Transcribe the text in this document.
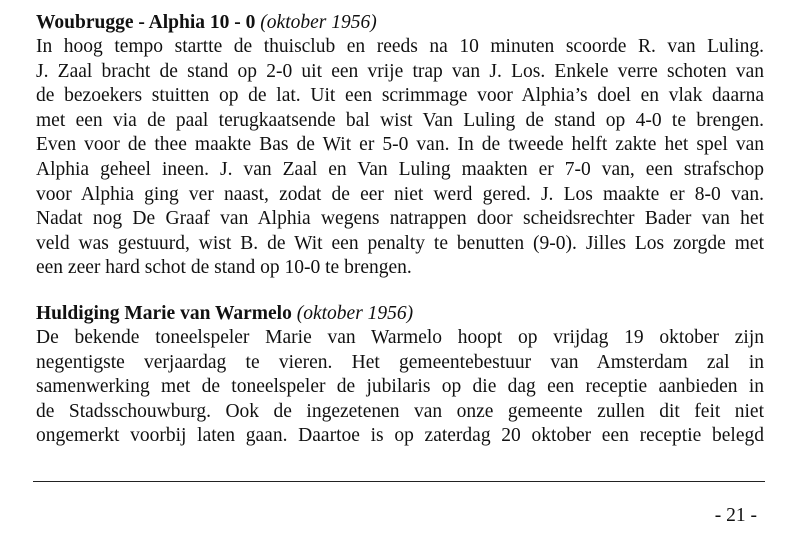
Woubrugge - Alphia 10 - 0 (oktober 1956)

In hoog tempo startte de thuisclub en reeds na 10 minuten scoorde R. van Luling.
J. Zaal bracht de stand op 2-0 uit een vrije trap van J. Los. Enkele verre schoten van
de bezoekers stuitten op de lat. Uit een scrimmage voor Alphia’s doel en vlak daarna
met een via de paal terugkaatsende bal wist Van Luling de stand op 4-0 te brengen.
Even voor de thee maakte Bas de Wit er 5-0 van. In de tweede helft zakte het spel van
Alphia geheel ineen. J. van Zaal en Van Luling maakten er 7-0 van, een strafschop
voor Alphia ging ver naast, zodat de eer niet werd gered. J. Los maakte er 8-0 van.
Nadat nog De Graaf van Alphia wegens natrappen door scheidsrechter Bader van het
veld was gestuurd, wist B. de Wit een penalty te benutten (9-0). Jilles Los zorgde met
een zeer hard schot de stand op 10-0 te brengen.

Huldiging Marie van Warmelo (oktober 1956)

De bekende toneelspeler Marie van Warmelo hoopt op vrijdag 19 oktober zijn
negentigste verjaardag te vieren. Het gemeentebestuur van Amsterdam zal in
samenwerking met de toneelspeler de jubilaris op die dag een receptie aanbieden in
de Stadsschouwburg. Ook de ingezetenen van onze gemeente zullen dit feit niet
ongemerkt voorbij laten gaan. Daartoe is op zaterdag 20 oktober een receptie belegd

- 21 -
